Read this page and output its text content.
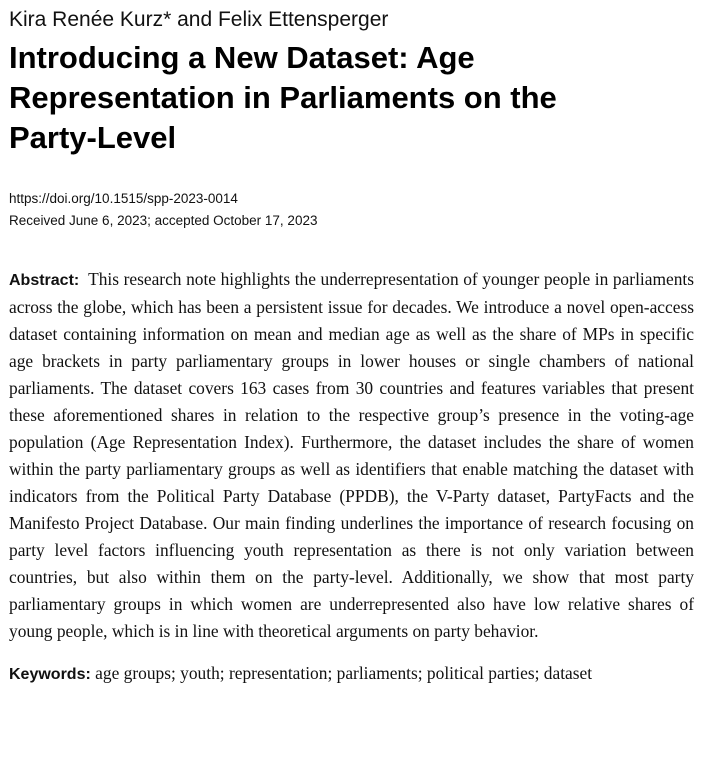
Kira Renée Kurz* and Felix Ettensperger

Introducing a New Dataset: Age
Representation in Parliaments on the
Party-Level
https://doi.org/10.1515/spp-2023-0014
Received June 6, 2023; accepted October 17, 2023

Abstract: This research note highlights the underrepresentation of younger people in parliaments across the globe, which has been a persistent issue for decades. We introduce a novel open-access dataset containing information on mean and median age as well as the share of MPs in specific age brackets in party parliamentary groups in lower houses or single chambers of national parliaments. The dataset covers 163 cases from 30 countries and features variables that present these aforementioned shares in relation to the respective group’s presence in the voting-age population (Age Representation Index). Furthermore, the dataset includes the share of women within the party parliamentary groups as well as identifiers that enable matching the dataset with indicators from the Political Party Database (PPDB), the V-Party dataset, PartyFacts and the Manifesto Project Database. Our main finding underlines the importance of research focusing on party level factors influencing youth representation as there is not only variation between countries, but also within them on the party-level. Additionally, we show that most party parliamentary groups in which women are underrepresented also have low relative shares of young people, which is in line with theoretical arguments on party behavior.

Keywords: age groups; youth; representation; parliaments; political parties; dataset
